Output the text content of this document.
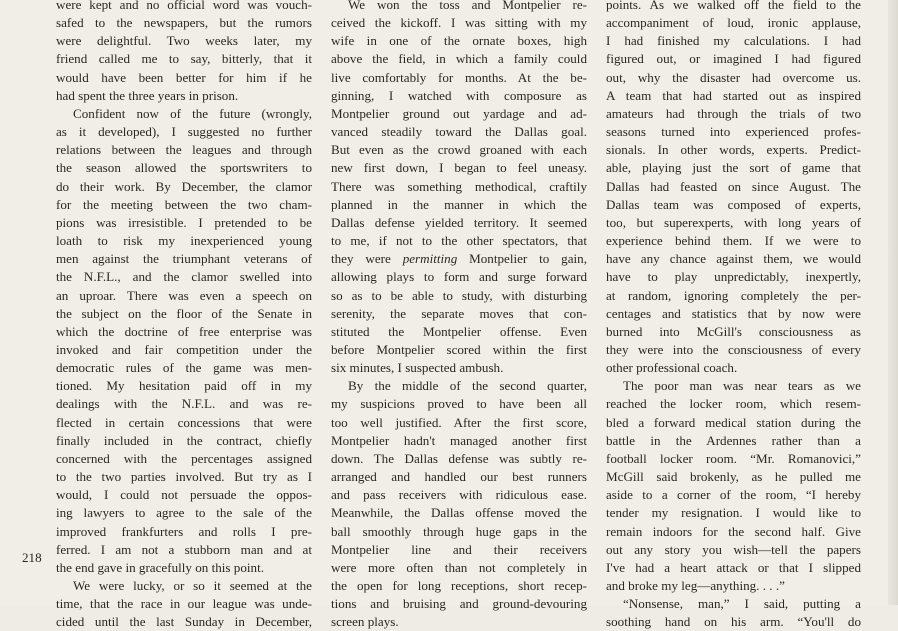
were kept and no official word was vouch-
safed to the newspapers, but the rumors
were delightful. Two weeks later, my
friend called me to say, bitterly, that it
would have been better for him if he
had spent the three years in prison.
Confident now of the future (wrongly,
as it developed), I suggested no further
relations between the leagues and through
the season allowed the sportswriters to
do their work. By December, the clamor
for the meeting between the two cham-
pions was irresistible. I pretended to be
loath to risk my inexperienced young
men against the triumphant veterans of
the N.F.L., and the clamor swelled into
an uproar. There was even a speech on
the subject on the floor of the Senate in
which the doctrine of free enterprise was
invoked and fair competition under the
democratic rules of the game was men-
tioned. My hesitation paid off in my
dealings with the N.F.L. and was re-
flected in certain concessions that were
finally included in the contract, chiefly
concerned with the percentages assigned
to the two parties involved. But try as I
would, I could not persuade the oppos-
ing lawyers to agree to the sale of the
improved frankfurters and rolls I pre-
ferred. I am not a stubborn man and at
the end gave in gracefully on this point.
We were lucky, or so it seemed at the
time, that the race in our league was unde-
cided until the last Sunday in December,
We won the toss and Montpelier re-
ceived the kickoff. I was sitting with my
wife in one of the ornate boxes, high
above the field, in which a family could
live comfortably for months. At the be-
ginning, I watched with composure as
Montpelier ground out yardage and ad-
vanced steadily toward the Dallas goal.
But even as the crowd groaned with each
new first down, I began to feel uneasy.
There was something methodical, craftily
planned in the manner in which the
Dallas defense yielded territory. It seemed
to me, if not to the other spectators, that
they were permitting Montpelier to gain,
allowing plays to form and surge forward
so as to be able to study, with disturbing
serenity, the separate moves that con-
stituted the Montpelier offense. Even
before Montpelier scored within the first
six minutes, I suspected ambush.
By the middle of the second quarter,
my suspicions proved to have been all
too well justified. After the first score,
Montpelier hadn't managed another first
down. The Dallas defense was subtly re-
arranged and handled our best runners
and pass receivers with ridiculous ease.
Meanwhile, the Dallas offense moved the
ball smoothly through huge gaps in the
Montpelier line and their receivers
were more often than not completely in
the open for long receptions, short recep-
tions and bruising and ground-devouring
screen plays.
points. As we walked off the field to the
accompaniment of loud, ironic applause,
I had finished my calculations. I had
figured out, or imagined I had figured
out, why the disaster had overcome us.
A team that had started out as inspired
amateurs had through the trials of two
seasons turned into experienced profes-
sionals. In other words, experts. Predict-
able, playing just the sort of game that
Dallas had feasted on since August. The
Dallas team was composed of experts,
too, but superexperts, with long years of
experience behind them. If we were to
have any chance against them, we would
have to play unpredictably, inexpertly,
at random, ignoring completely the per-
centages and statistics that by now were
burned into McGill's consciousness as
they were into the consciousness of every
other professional coach.
The poor man was near tears as we
reached the locker room, which resem-
bled a forward medical station during the
battle in the Ardennes rather than a
football locker room. “Mr. Romanovici,”
McGill said brokenly, as he pulled me
aside to a corner of the room, “I hereby
tender my resignation. I would like to
remain indoors for the second half. Give
out any story you wish—tell the papers
I've had a heart attack or that I slipped
and broke my leg—anything. . . .”
“Nonsense, man,” I said, putting a
soothing hand on his arm. “You'll do
218
